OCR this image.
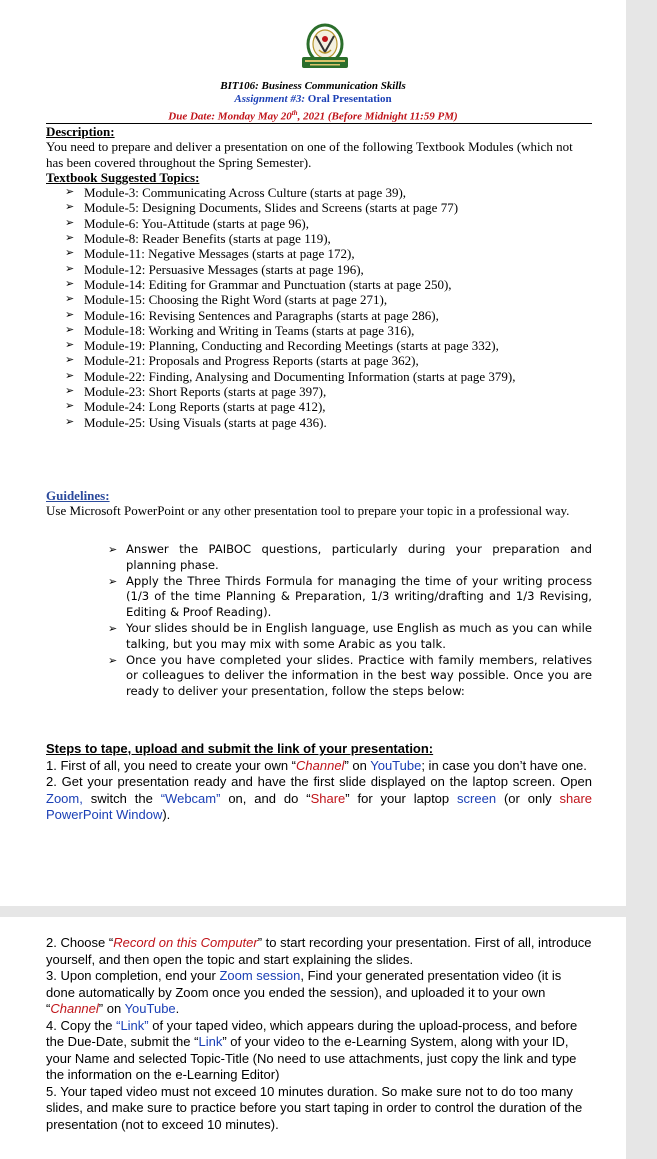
BIT106: Business Communication Skills
Assignment #3: Oral Presentation
Due Date: Monday May 20th, 2021 (Before Midnight 11:59 PM)
Description:
You need to prepare and deliver a presentation on one of the following Textbook Modules (which not has been covered throughout the Spring Semester).
Textbook Suggested Topics:
➢ Module-3: Communicating Across Culture (starts at page 39),
➢ Module-5: Designing Documents, Slides and Screens (starts at page 77)
➢ Module-6: You-Attitude (starts at page 96),
➢ Module-8: Reader Benefits (starts at page 119),
➢ Module-11: Negative Messages (starts at page 172),
➢ Module-12: Persuasive Messages (starts at page 196),
➢ Module-14: Editing for Grammar and Punctuation (starts at page 250),
➢ Module-15: Choosing the Right Word (starts at page 271),
➢ Module-16: Revising Sentences and Paragraphs (starts at page 286),
➢ Module-18: Working and Writing in Teams (starts at page 316),
➢ Module-19: Planning, Conducting and Recording Meetings (starts at page 332),
➢ Module-21: Proposals and Progress Reports (starts at page 362),
➢ Module-22: Finding, Analysing and Documenting Information (starts at page 379),
➢ Module-23: Short Reports (starts at page 397),
➢ Module-24: Long Reports (starts at page 412),
➢ Module-25: Using Visuals (starts at page 436).
Guidelines:
Use Microsoft PowerPoint or any other presentation tool to prepare your topic in a professional way.
➢ Answer the PAIBOC questions, particularly during your preparation and planning phase.
➢ Apply the Three Thirds Formula for managing the time of your writing process (1/3 of the time Planning & Preparation, 1/3 writing/drafting and 1/3 Revising, Editing & Proof Reading).
➢ Your slides should be in English language, use English as much as you can while talking, but you may mix with some Arabic as you talk.
➢ Once you have completed your slides. Practice with family members, relatives or colleagues to deliver the information in the best way possible. Once you are ready to deliver your presentation, follow the steps below:
Steps to tape, upload and submit the link of your presentation:
1. First of all, you need to create your own “Channel” on YouTube; in case you don’t have one.
2. Get your presentation ready and have the first slide displayed on the laptop screen. Open Zoom, switch the “Webcam” on, and do “Share” for your laptop screen (or only share PowerPoint Window).
2. Choose “Record on this Computer” to start recording your presentation. First of all, introduce yourself, and then open the topic and start explaining the slides.
3. Upon completion, end your Zoom session, Find your generated presentation video (it is done automatically by Zoom once you ended the session), and uploaded it to your own “Channel” on YouTube.
4. Copy the “Link” of your taped video, which appears during the upload-process, and before the Due-Date, submit the “Link” of your video to the e-Learning System, along with your ID, your Name and selected Topic-Title (No need to use attachments, just copy the link and type the information on the e-Learning Editor)
5. Your taped video must not exceed 10 minutes duration. So make sure not to do too many slides, and make sure to practice before you start taping in order to control the duration of the presentation (not to exceed 10 minutes).
